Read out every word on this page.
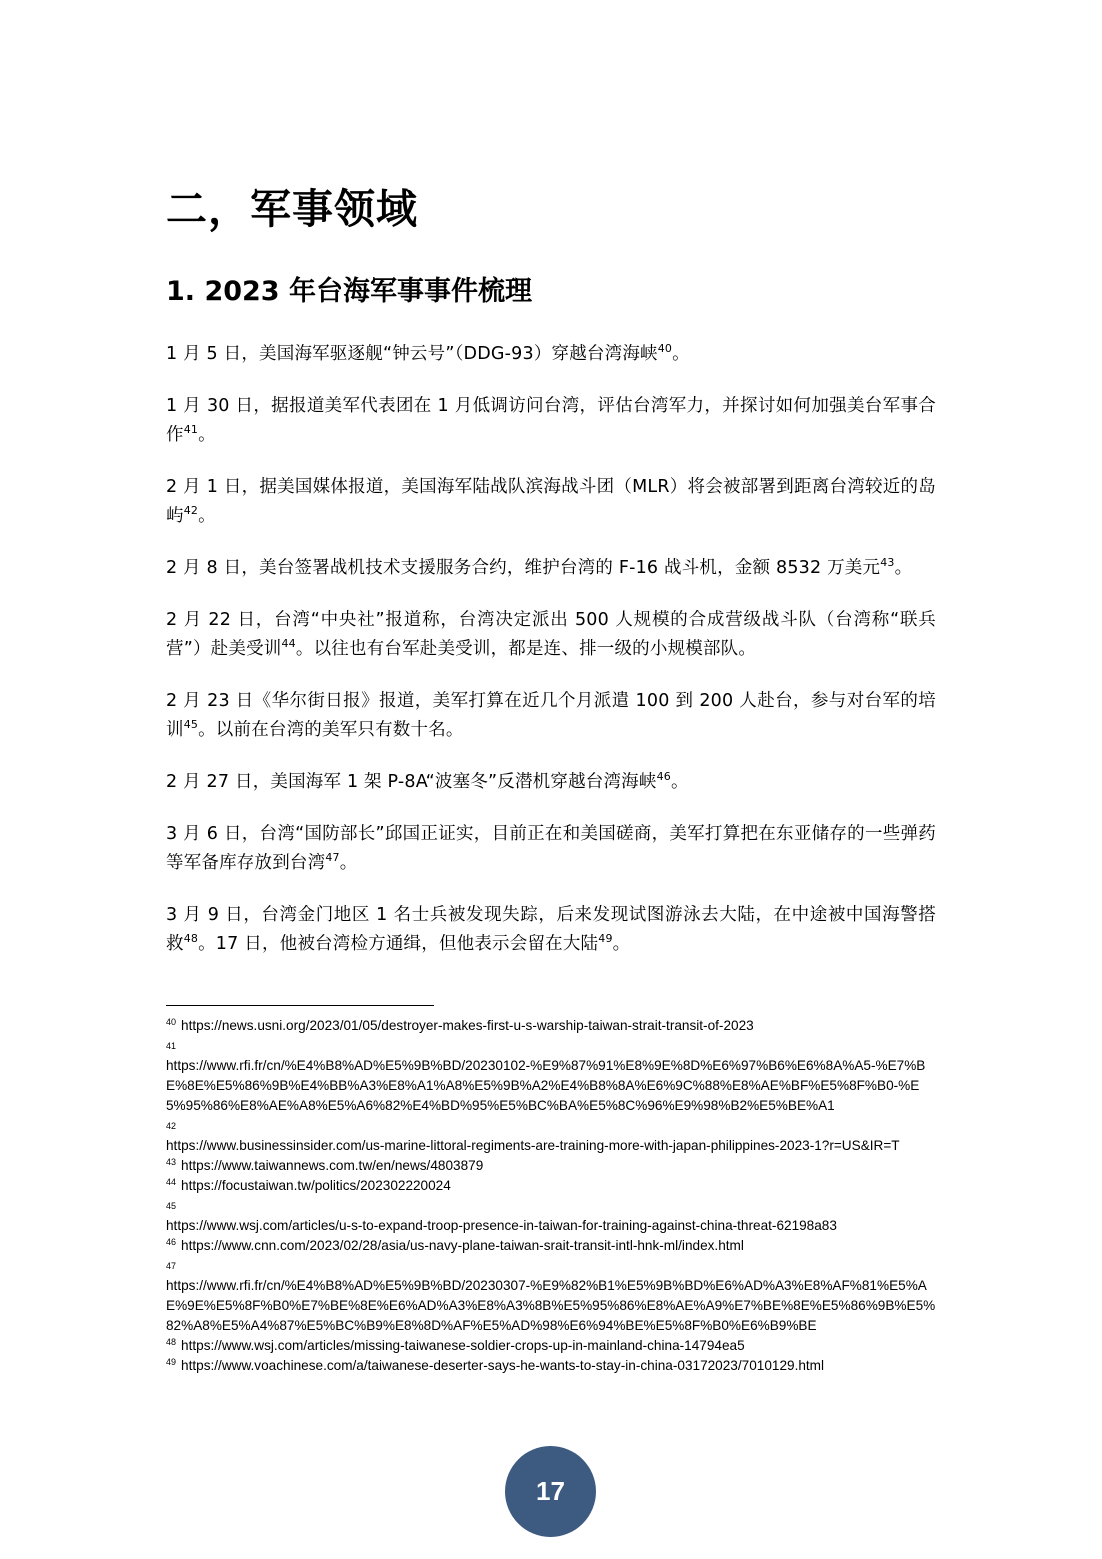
二，军事领域
1. 2023 年台海军事事件梳理

1 月 5 日，美国海军驱逐舰“钟云号”（DDG-93）穿越台湾海峡$^{40}$。

1 月 30 日，据报道美军代表团在 1 月低调访问台湾，评估台湾军力，并探讨如何加强美台军事合作$^{41}$。

2 月 1 日，据美国媒体报道，美国海军陆战队滨海战斗团（MLR）将会被部署到距离台湾较近的岛屿$^{42}$。

2 月 8 日，美台签署战机技术支援服务合约，维护台湾的 F-16 战斗机，金额 8532 万美元$^{43}$。

2 月 22 日，台湾“中央社”报道称，台湾决定派出 500 人规模的合成营级战斗队（台湾称“联兵营”）赴美受训$^{44}$。以往也有台军赴美受训，都是连、排一级的小规模部队。

2 月 23 日《华尔街日报》报道，美军打算在近几个月派遣 100 到 200 人赴台，参与对台军的培训$^{45}$。以前在台湾的美军只有数十名。

2 月 27 日，美国海军 1 架 P-8A“波塞冬”反潜机穿越台湾海峡$^{46}$。

3 月 6 日，台湾“国防部长”邱国正证实，目前正在和美国磋商，美军打算把在东亚储存的一些弹药等军备库存放到台湾$^{47}$。

3 月 9 日，台湾金门地区 1 名士兵被发现失踪，后来发现试图游泳去大陆，在中途被中国海警搭救$^{48}$。17 日，他被台湾检方通缉，但他表示会留在大陆$^{49}$。

$^{40}$ https://news.usni.org/2023/01/05/destroyer-makes-first-u-s-warship-taiwan-strait-transit-of-2023
41
https://www.rfi.fr/cn/%E4%B8%AD%E5%9B%BD/20230102-%E9%87%91%E8%9E%8D%E6%97%B6%E6%8A%A5-%E7%BE%8E%E5%86%9B%E4%BB%A3%E8%A1%A8%E5%9B%A2%E4%B8%8A%E6%9C%88%E8%AE%BF%E5%8F%B0-%E5%95%86%E8%AE%A8%E5%A6%82%E4%BD%95%E5%BC%BA%E5%8C%96%E9%98%B2%E5%BE%A1
42
https://www.businessinsider.com/us-marine-littoral-regiments-are-training-more-with-japan-philippines-2023-1?r=US&IR=T
$^{43}$ https://www.taiwannews.com.tw/en/news/4803879
$^{44}$ https://focustaiwan.tw/politics/202302220024
45
https://www.wsj.com/articles/u-s-to-expand-troop-presence-in-taiwan-for-training-against-china-threat-62198a83
$^{46}$ https://www.cnn.com/2023/02/28/asia/us-navy-plane-taiwan-srait-transit-intl-hnk-ml/index.html
47
https://www.rfi.fr/cn/%E4%B8%AD%E5%9B%BD/20230307-%E9%82%B1%E5%9B%BD%E6%AD%A3%E8%AF%81%E5%AE%9E%E5%8F%B0%E7%BE%8E%E6%AD%A3%E8%A3%8B%E5%95%86%E8%AE%A9%E7%BE%8E%E5%86%9B%E5%82%A8%E5%A4%87%E5%BC%B9%E8%8D%AF%E5%AD%98%E6%94%BE%E5%8F%B0%E6%B9%BE
$^{48}$ https://www.wsj.com/articles/missing-taiwanese-soldier-crops-up-in-mainland-china-14794ea5
$^{49}$ https://www.voachinese.com/a/taiwanese-deserter-says-he-wants-to-stay-in-china-03172023/7010129.html
17
